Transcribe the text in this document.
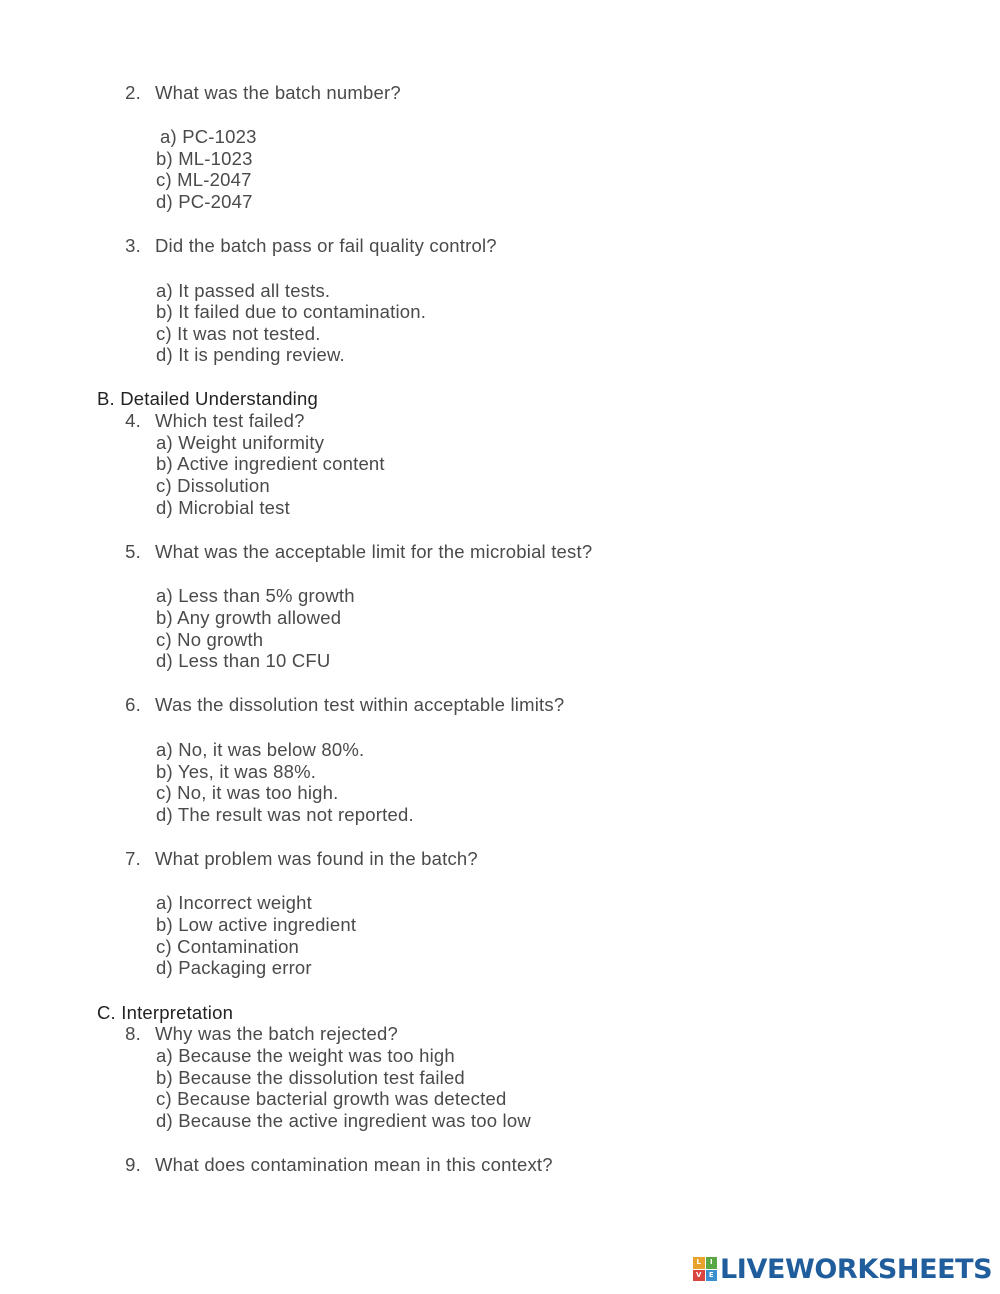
2. What was the batch number?
a) PC-1023
b) ML-1023
c) ML-2047
d) PC-2047
3. Did the batch pass or fail quality control?
a) It passed all tests.
b) It failed due to contamination.
c) It was not tested.
d) It is pending review.
B. Detailed Understanding
4. Which test failed?
a) Weight uniformity
b) Active ingredient content
c) Dissolution
d) Microbial test
5. What was the acceptable limit for the microbial test?
a) Less than 5% growth
b) Any growth allowed
c) No growth
d) Less than 10 CFU
6. Was the dissolution test within acceptable limits?
a) No, it was below 80%.
b) Yes, it was 88%.
c) No, it was too high.
d) The result was not reported.
7. What problem was found in the batch?
a) Incorrect weight
b) Low active ingredient
c) Contamination
d) Packaging error
C. Interpretation
8. Why was the batch rejected?
a) Because the weight was too high
b) Because the dissolution test failed
c) Because bacterial growth was detected
d) Because the active ingredient was too low
9. What does contamination mean in this context?
L	I
V	E LIVEWORKSHEETS
